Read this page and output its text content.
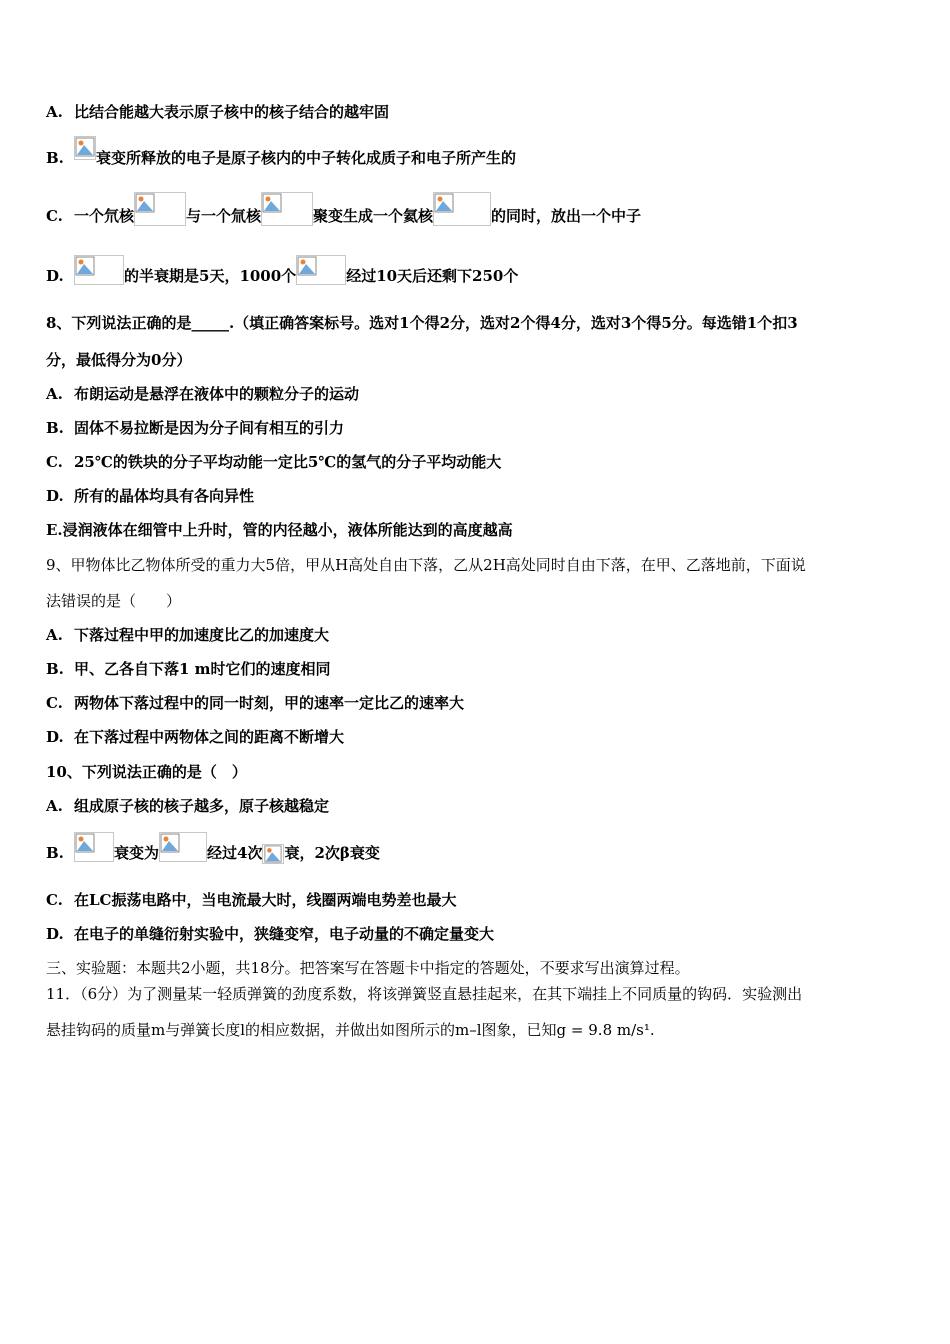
A. 比结合能越大表示原子核中的核子结合的越牢固
B. 衰变所释放的电子是原子核内的中子转化成质子和电子所产生的
C. 一个氘核	与一个氚核	聚变生成一个氦核	的同时，放出一个中子
D.	的半衰期是5天，1000个	经过10天后还剩下250个
8、下列说法正确的是_____.（填正确答案标号。选对1个得2分，选对2个得4分，选对3个得5分。每选错1个扣3
分，最低得分为0分）
A. 布朗运动是悬浮在液体中的颗粒分子的运动
B. 固体不易拉断是因为分子间有相互的引力
C. 25℃的铁块的分子平均动能一定比5℃的氢气的分子平均动能大
D. 所有的晶体均具有各向异性
E.浸润液体在细管中上升时，管的内径越小，液体所能达到的高度越高
9、甲物体比乙物体所受的重力大5倍，甲从H高处自由下落，乙从2H高处同时自由下落，在甲、乙落地前，下面说
法错误的是（　　）
A. 下落过程中甲的加速度比乙的加速度大
B. 甲、乙各自下落1 m时它们的速度相同
C. 两物体下落过程中的同一时刻，甲的速率一定比乙的速率大
D. 在下落过程中两物体之间的距离不断增大
10、下列说法正确的是（　）
A. 组成原子核的核子越多，原子核越稳定
B.	衰变为	经过4次 衰，2次β衰变
C. 在LC振荡电路中，当电流最大时，线圈两端电势差也最大
D. 在电子的单缝衍射实验中，狭缝变窄，电子动量的不确定量变大
三、实验题：本题共2小题，共18分。把答案写在答题卡中指定的答题处，不要求写出演算过程。
11．（6分）为了测量某一轻质弹簧的劲度系数，将该弹簧竖直悬挂起来，在其下端挂上不同质量的钩码．实验测出
悬挂钩码的质量m与弹簧长度l的相应数据，并做出如图所示的m–l图象，已知g = 9.8 m/s¹.
